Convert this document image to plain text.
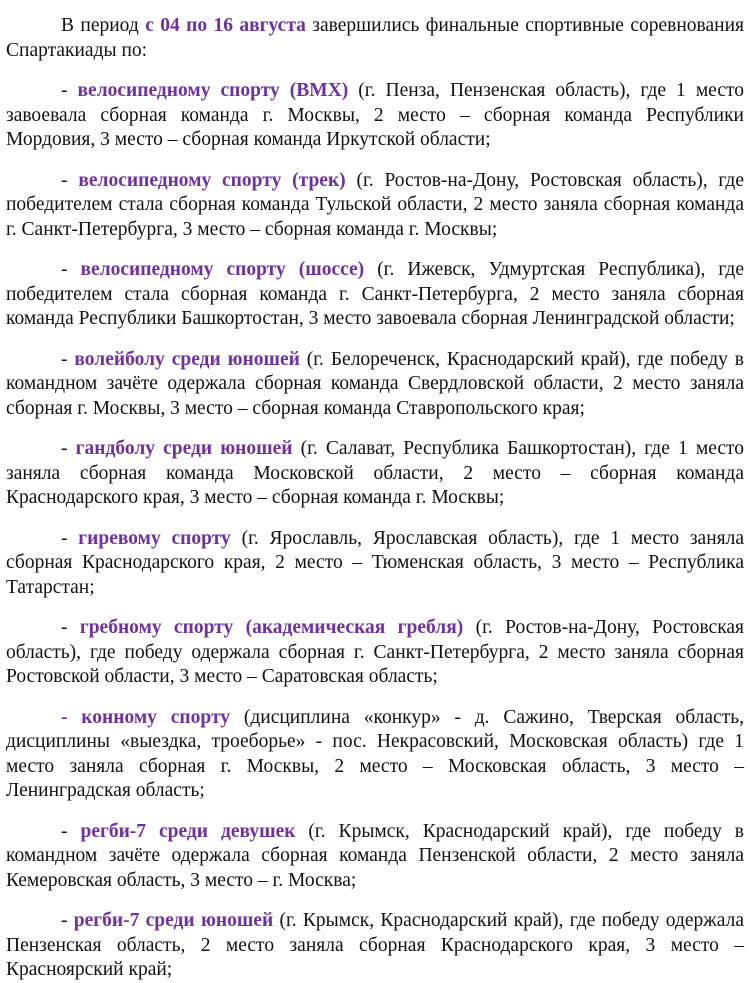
В период с 04 по 16 августа завершились финальные спортивные соревнования Спартакиады по:

- велосипедному спорту (ВМХ) (г. Пенза, Пензенская область), где 1 место завоевала сборная команда г. Москвы, 2 место – сборная команда Республики Мордовия, 3 место – сборная команда Иркутской области;

- велосипедному спорту (трек) (г. Ростов-на-Дону, Ростовская область), где победителем стала сборная команда Тульской области, 2 место заняла сборная команда г. Санкт-Петербурга, 3 место – сборная команда г. Москвы;

- велосипедному спорту (шоссе) (г. Ижевск, Удмуртская Республика), где победителем стала сборная команда г. Санкт-Петербурга, 2 место заняла сборная команда Республики Башкортостан, 3 место завоевала сборная Ленинградской области;

- волейболу среди юношей (г. Белореченск, Краснодарский край), где победу в командном зачёте одержала сборная команда Свердловской области, 2 место заняла сборная г. Москвы, 3 место – сборная команда Ставропольского края;

- гандболу среди юношей (г. Салават, Республика Башкортостан), где 1 место заняла сборная команда Московской области, 2 место – сборная команда Краснодарского края, 3 место – сборная команда г. Москвы;

- гиревому спорту (г. Ярославль, Ярославская область), где 1 место заняла сборная Краснодарского края, 2 место – Тюменская область, 3 место – Республика Татарстан;

- гребному спорту (академическая гребля) (г. Ростов-на-Дону, Ростовская область), где победу одержала сборная г. Санкт-Петербурга, 2 место заняла сборная Ростовской области, 3 место – Саратовская область;

- конному спорту (дисциплина «конкур» - д. Сажино, Тверская область, дисциплины «выездка, троеборье» - пос. Некрасовский, Московская область) где 1 место заняла сборная г. Москвы, 2 место – Московская область, 3 место – Ленинградская область;

- регби-7 среди девушек (г. Крымск, Краснодарский край), где победу в командном зачёте одержала сборная команда Пензенской области, 2 место заняла Кемеровская область, 3 место – г. Москва;

- регби-7 среди юношей (г. Крымск, Краснодарский край), где победу одержала Пензенская область, 2 место заняла сборная Краснодарского края, 3 место – Красноярский край;
